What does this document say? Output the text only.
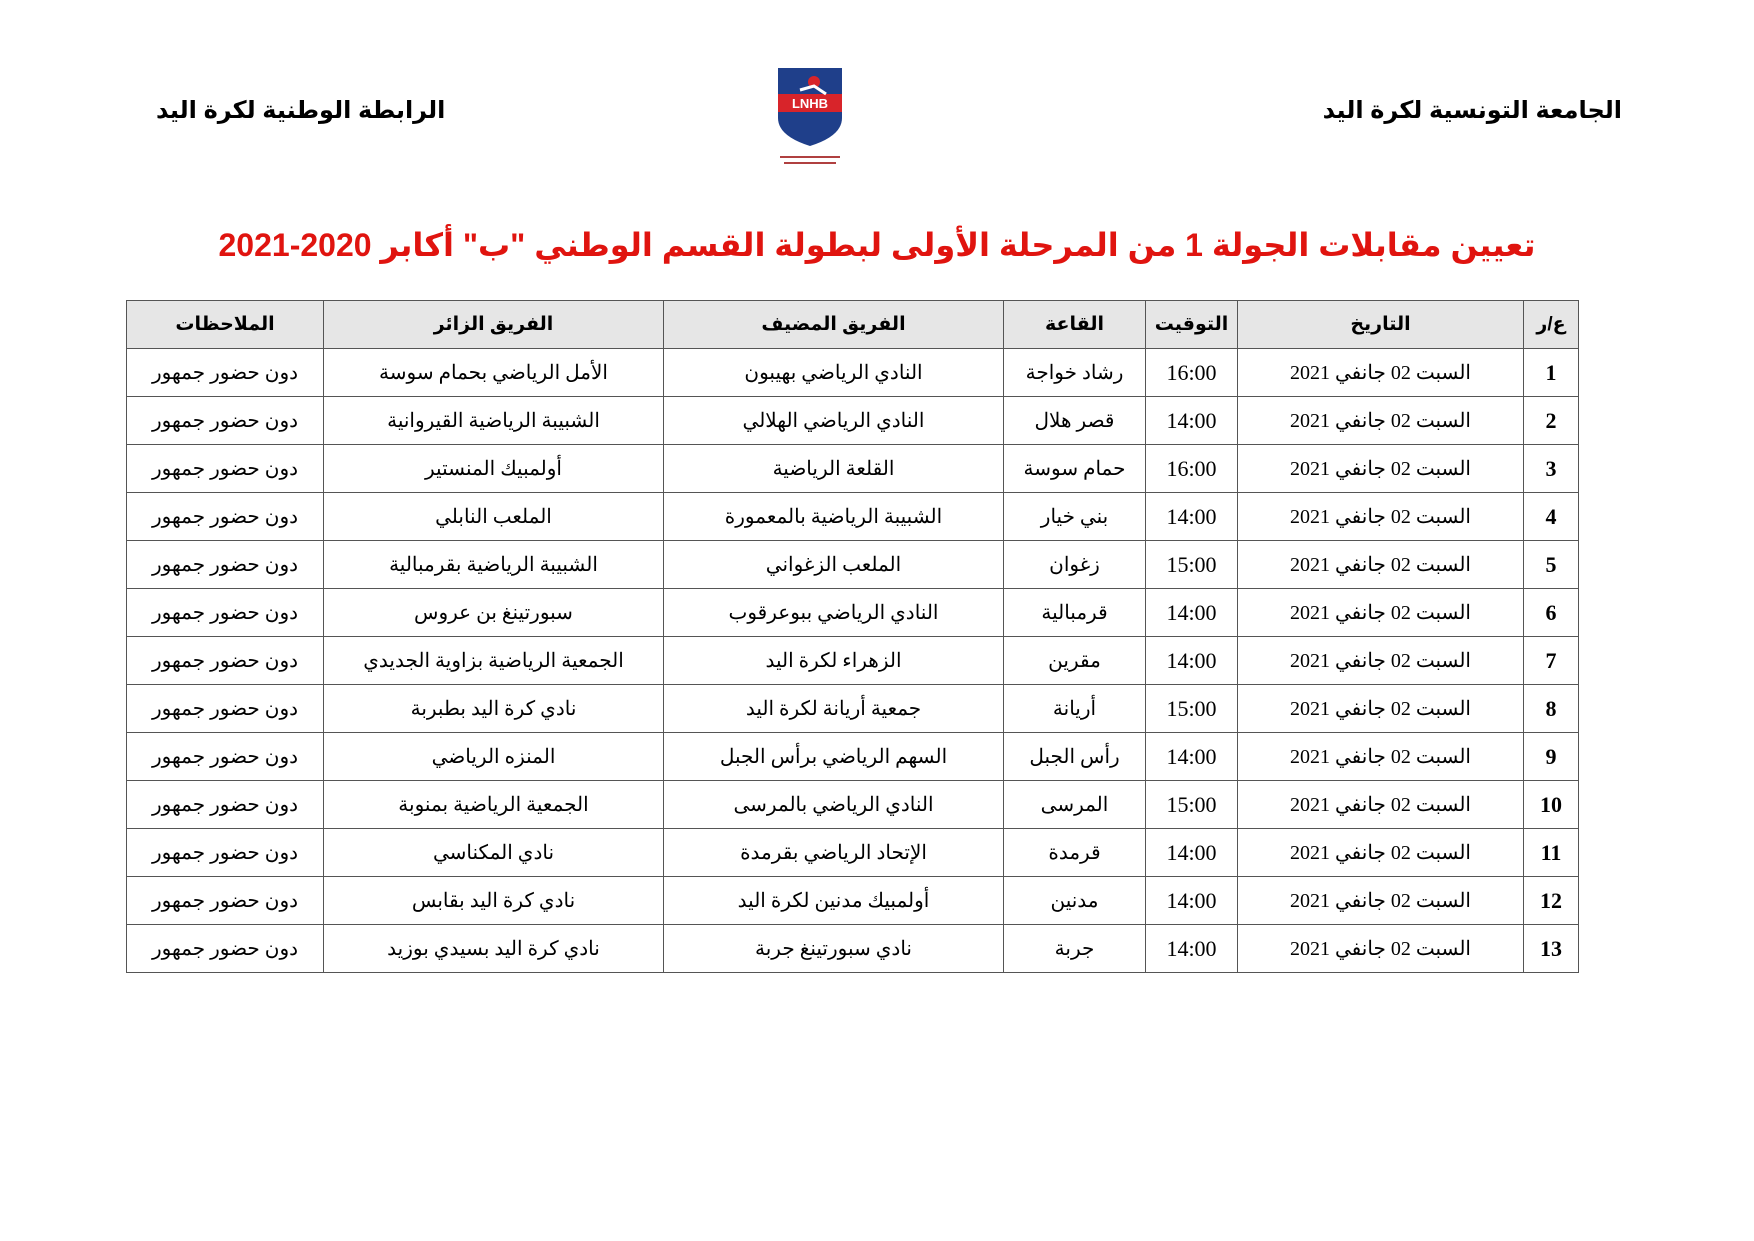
الجامعة التونسية لكرة اليد
الرابطة الوطنية لكرة اليد	LNHB
تعيين مقابلات الجولة 1 من المرحلة الأولى لبطولة القسم الوطني "ب" أكابر 2020-2021
ع/ر	التاريخ	التوقيت	القاعة	الفريق المضيف	الفريق الزائر	الملاحظات
1	السبت 02 جانفي 2021	16:00	رشاد خواجة	النادي الرياضي بهيبون	الأمل الرياضي بحمام سوسة	دون حضور جمهور
2	السبت 02 جانفي 2021	14:00	قصر هلال	النادي الرياضي الهلالي	الشبيبة الرياضية القيروانية	دون حضور جمهور
3	السبت 02 جانفي 2021	16:00	حمام سوسة	القلعة الرياضية	أولمبيك المنستير	دون حضور جمهور
4	السبت 02 جانفي 2021	14:00	بني خيار	الشبيبة الرياضية بالمعمورة	الملعب النابلي	دون حضور جمهور
5	السبت 02 جانفي 2021	15:00	زغوان	الملعب الزغواني	الشبيبة الرياضية بقرمبالية	دون حضور جمهور
6	السبت 02 جانفي 2021	14:00	قرمبالية	النادي الرياضي ببوعرقوب	سبورتينغ بن عروس	دون حضور جمهور
7	السبت 02 جانفي 2021	14:00	مقرين	الزهراء لكرة اليد	الجمعية الرياضية بزاوية الجديدي	دون حضور جمهور
8	السبت 02 جانفي 2021	15:00	أريانة	جمعية أريانة لكرة اليد	نادي كرة اليد بطبربة	دون حضور جمهور
9	السبت 02 جانفي 2021	14:00	رأس الجبل	السهم الرياضي برأس الجبل	المنزه الرياضي	دون حضور جمهور
10	السبت 02 جانفي 2021	15:00	المرسى	النادي الرياضي بالمرسى	الجمعية الرياضية بمنوبة	دون حضور جمهور
11	السبت 02 جانفي 2021	14:00	قرمدة	الإتحاد الرياضي بقرمدة	نادي المكناسي	دون حضور جمهور
12	السبت 02 جانفي 2021	14:00	مدنين	أولمبيك مدنين لكرة اليد	نادي كرة اليد بقابس	دون حضور جمهور
13	السبت 02 جانفي 2021	14:00	جربة	نادي سبورتينغ جربة	نادي كرة اليد بسيدي بوزيد	دون حضور جمهور
